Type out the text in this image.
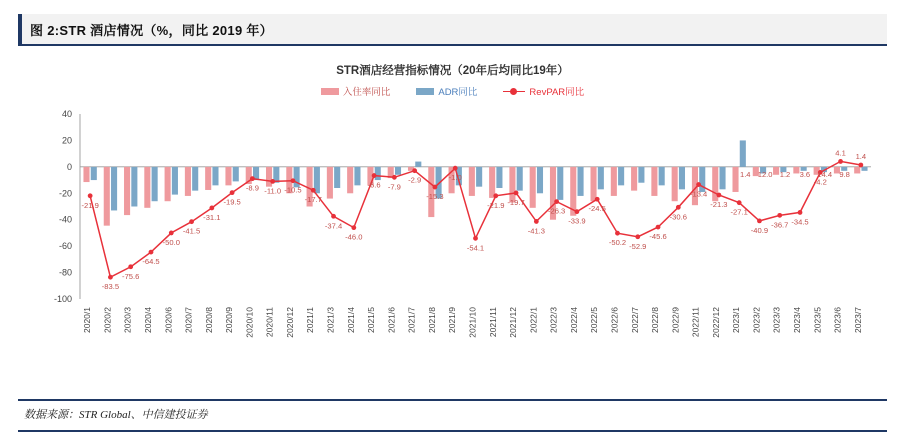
图 2:STR 酒店情况（%，同比 2019 年）
STR酒店经营指标情况（20年后均同比19年）
入住率同比	ADR同比	RevPAR同比
40
20
0
-20
-40
-60
-80
-100
2020/1 2020/2 2020/3 2020/4 2020/6 2020/7 2020/8 2020/9 2020/10 2020/11 2020/12 2021/1 2021/3 2021/4 2021/5 2021/6 2021/7 2021/8 2021/9 2021/10 2021/11 2021/12 2022/1 2022/3 2022/4 2022/5 2022/6 2022/7 2022/8 2022/9 2022/11 2022/12 2023/1 2023/2 2023/3 2023/4 2023/5 2023/6 2023/7
-21.9
-83.5
-75.6
-64.5
-50.0
-41.5
-31.1
-19.5
-8.9 -11.0 -10.5
-17.7
-37.4
-46.0
-6.6 -7.9
-2.9
-15.3
-1.0
-54.1
-21.9 -19.7
-41.3
-26.3
-33.9
-24.5
-50.2 -52.9
-45.6
-30.6
-13.4
-21.3
-27.1
-40.9
-36.7 -34.5
-4.2
4.1 1.4
1.4 12.0 1.2 3.6 14.4 9.8
数据来源：STR Global、中信建投证券
